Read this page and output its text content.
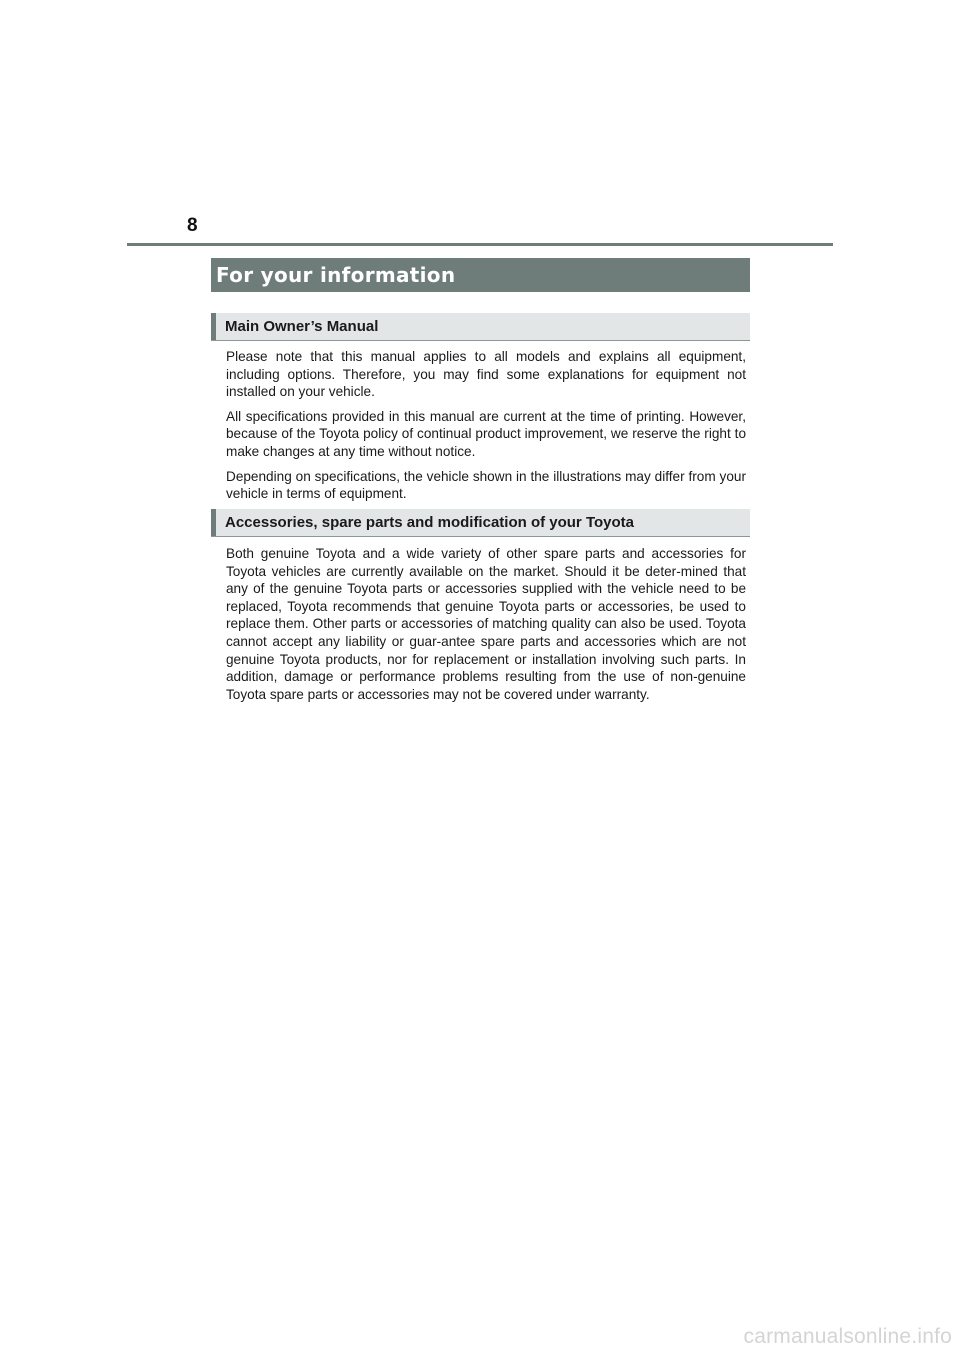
8
For your information
Main Owner’s Manual

Please note that this manual applies to all models and explains all equipment, including options. Therefore, you may find some explanations for equipment not installed on your vehicle.

All specifications provided in this manual are current at the time of printing. However, because of the Toyota policy of continual product improvement, we reserve the right to make changes at any time without notice.

Depending on specifications, the vehicle shown in the illustrations may differ from your vehicle in terms of equipment.

Accessories, spare parts and modification of your Toyota

Both genuine Toyota and a wide variety of other spare parts and accessories for Toyota vehicles are currently available on the market. Should it be deter-mined that any of the genuine Toyota parts or accessories supplied with the vehicle need to be replaced, Toyota recommends that genuine Toyota parts or accessories, be used to replace them. Other parts or accessories of matching quality can also be used. Toyota cannot accept any liability or guar-antee spare parts and accessories which are not genuine Toyota products, nor for replacement or installation involving such parts. In addition, damage or performance problems resulting from the use of non-genuine Toyota spare parts or accessories may not be covered under warranty.

carmanualsonline.info
